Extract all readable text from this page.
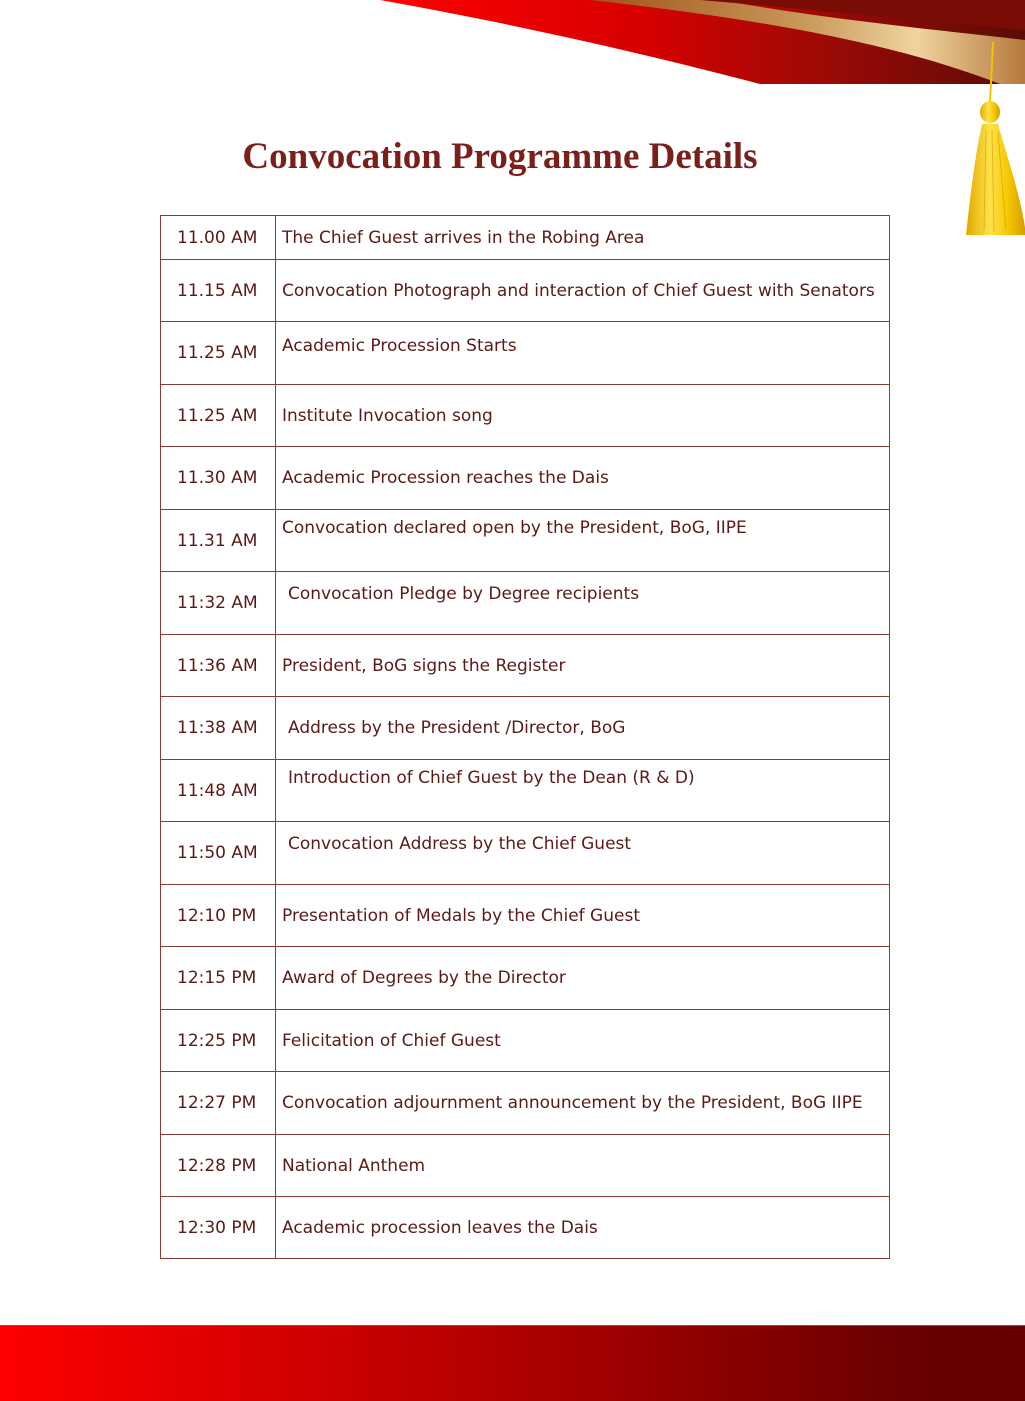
Convocation Programme Details
11.00 AM	The Chief Guest arrives in the Robing Area
11.15 AM	Convocation Photograph and interaction of Chief Guest with Senators
11.25 AM	Academic Procession Starts
11.25 AM	Institute Invocation song
11.30 AM	Academic Procession reaches the Dais
11.31 AM	Convocation declared open by the President, BoG, IIPE
11:32 AM	Convocation Pledge by Degree recipients
11:36 AM	President, BoG signs the Register
11:38 AM	Address by the President /Director, BoG
11:48 AM	Introduction of Chief Guest by the Dean (R & D)
11:50 AM	Convocation Address by the Chief Guest
12:10 PM	Presentation of Medals by the Chief Guest
12:15 PM	Award of Degrees by the Director
12:25 PM	Felicitation of Chief Guest
12:27 PM	Convocation adjournment announcement by the President, BoG IIPE
12:28 PM	National Anthem
12:30 PM	Academic procession leaves the Dais
